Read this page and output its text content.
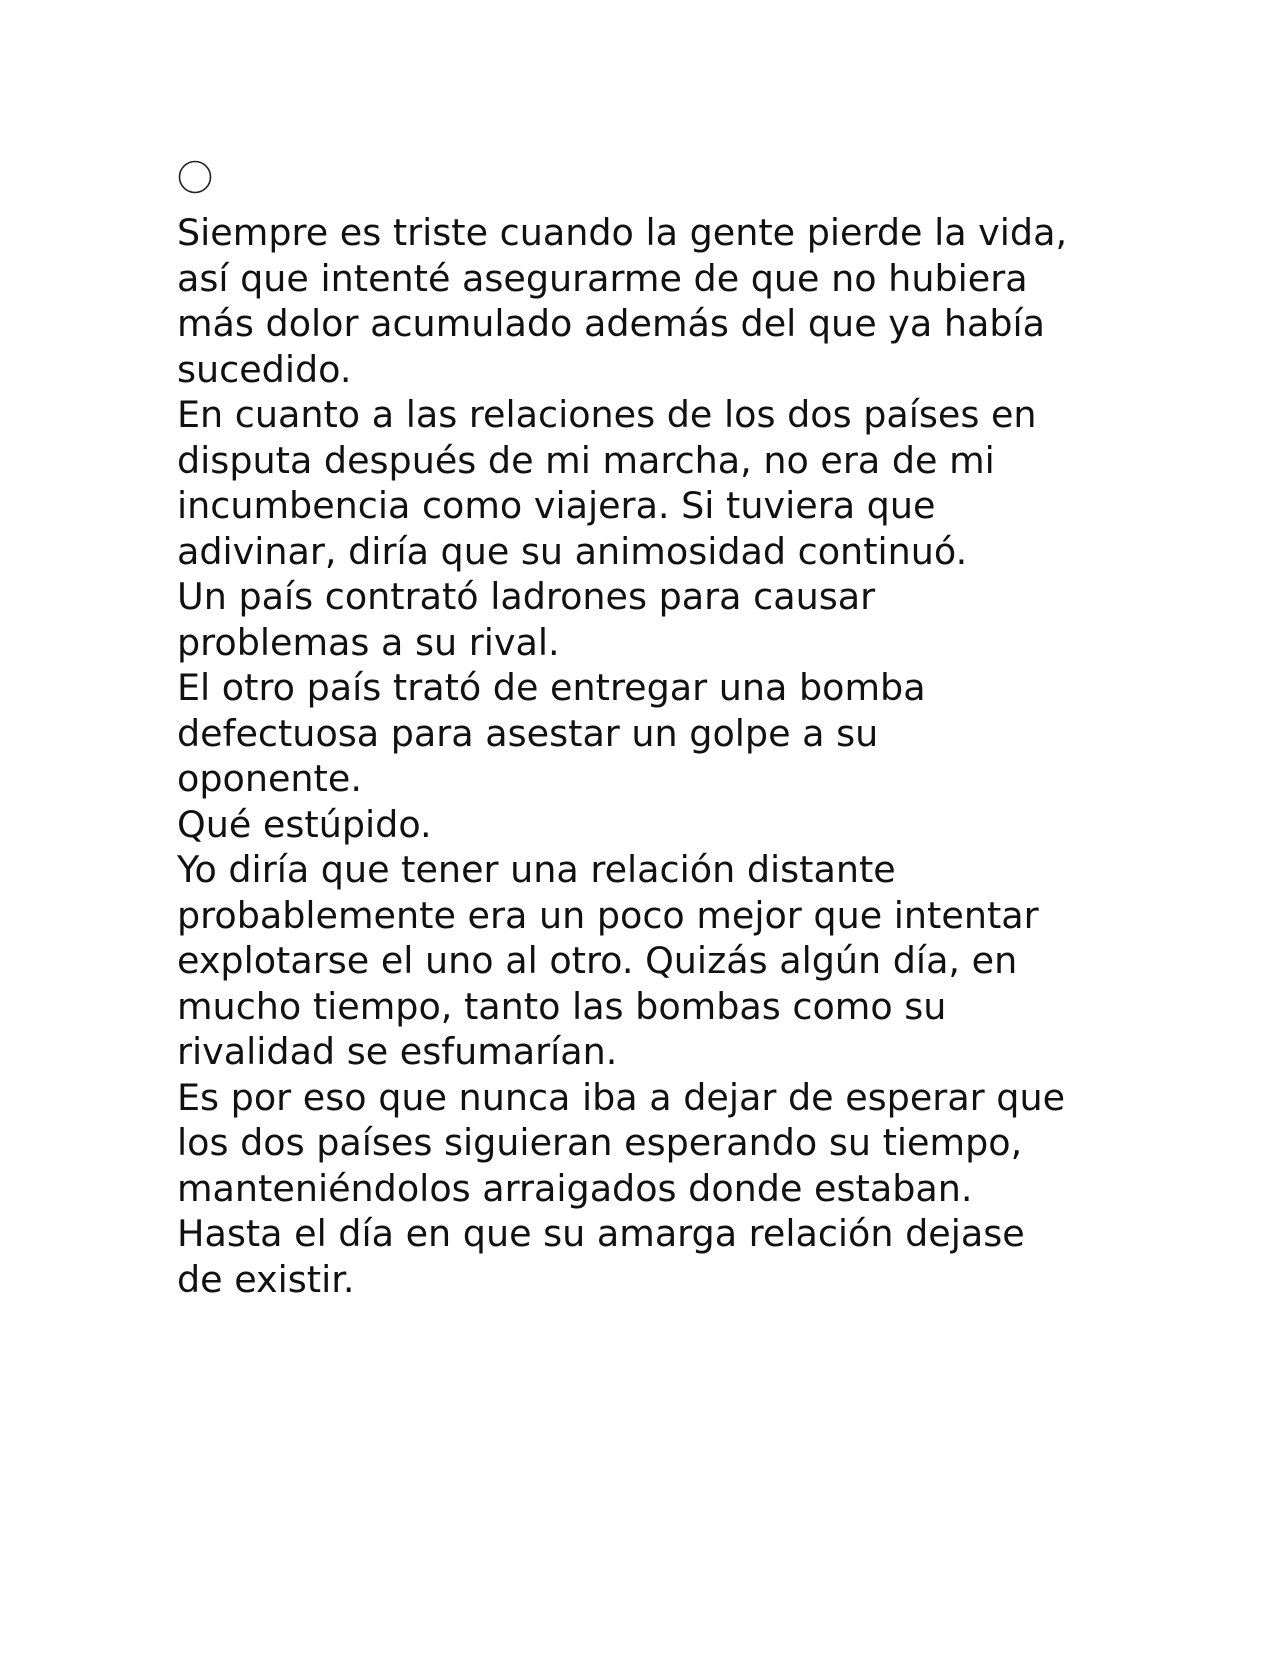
Siempre es triste cuando la gente pierde la vida,
así que intenté asegurarme de que no hubiera
más dolor acumulado además del que ya había
sucedido.
En cuanto a las relaciones de los dos países en
disputa después de mi marcha, no era de mi
incumbencia como viajera. Si tuviera que
adivinar, diría que su animosidad continuó.
Un país contrató ladrones para causar
problemas a su rival.
El otro país trató de entregar una bomba
defectuosa para asestar un golpe a su
oponente.
Qué estúpido.
Yo diría que tener una relación distante
probablemente era un poco mejor que intentar
explotarse el uno al otro. Quizás algún día, en
mucho tiempo, tanto las bombas como su
rivalidad se esfumarían.
Es por eso que nunca iba a dejar de esperar que
los dos países siguieran esperando su tiempo,
manteniéndolos arraigados donde estaban.
Hasta el día en que su amarga relación dejase
de existir.
